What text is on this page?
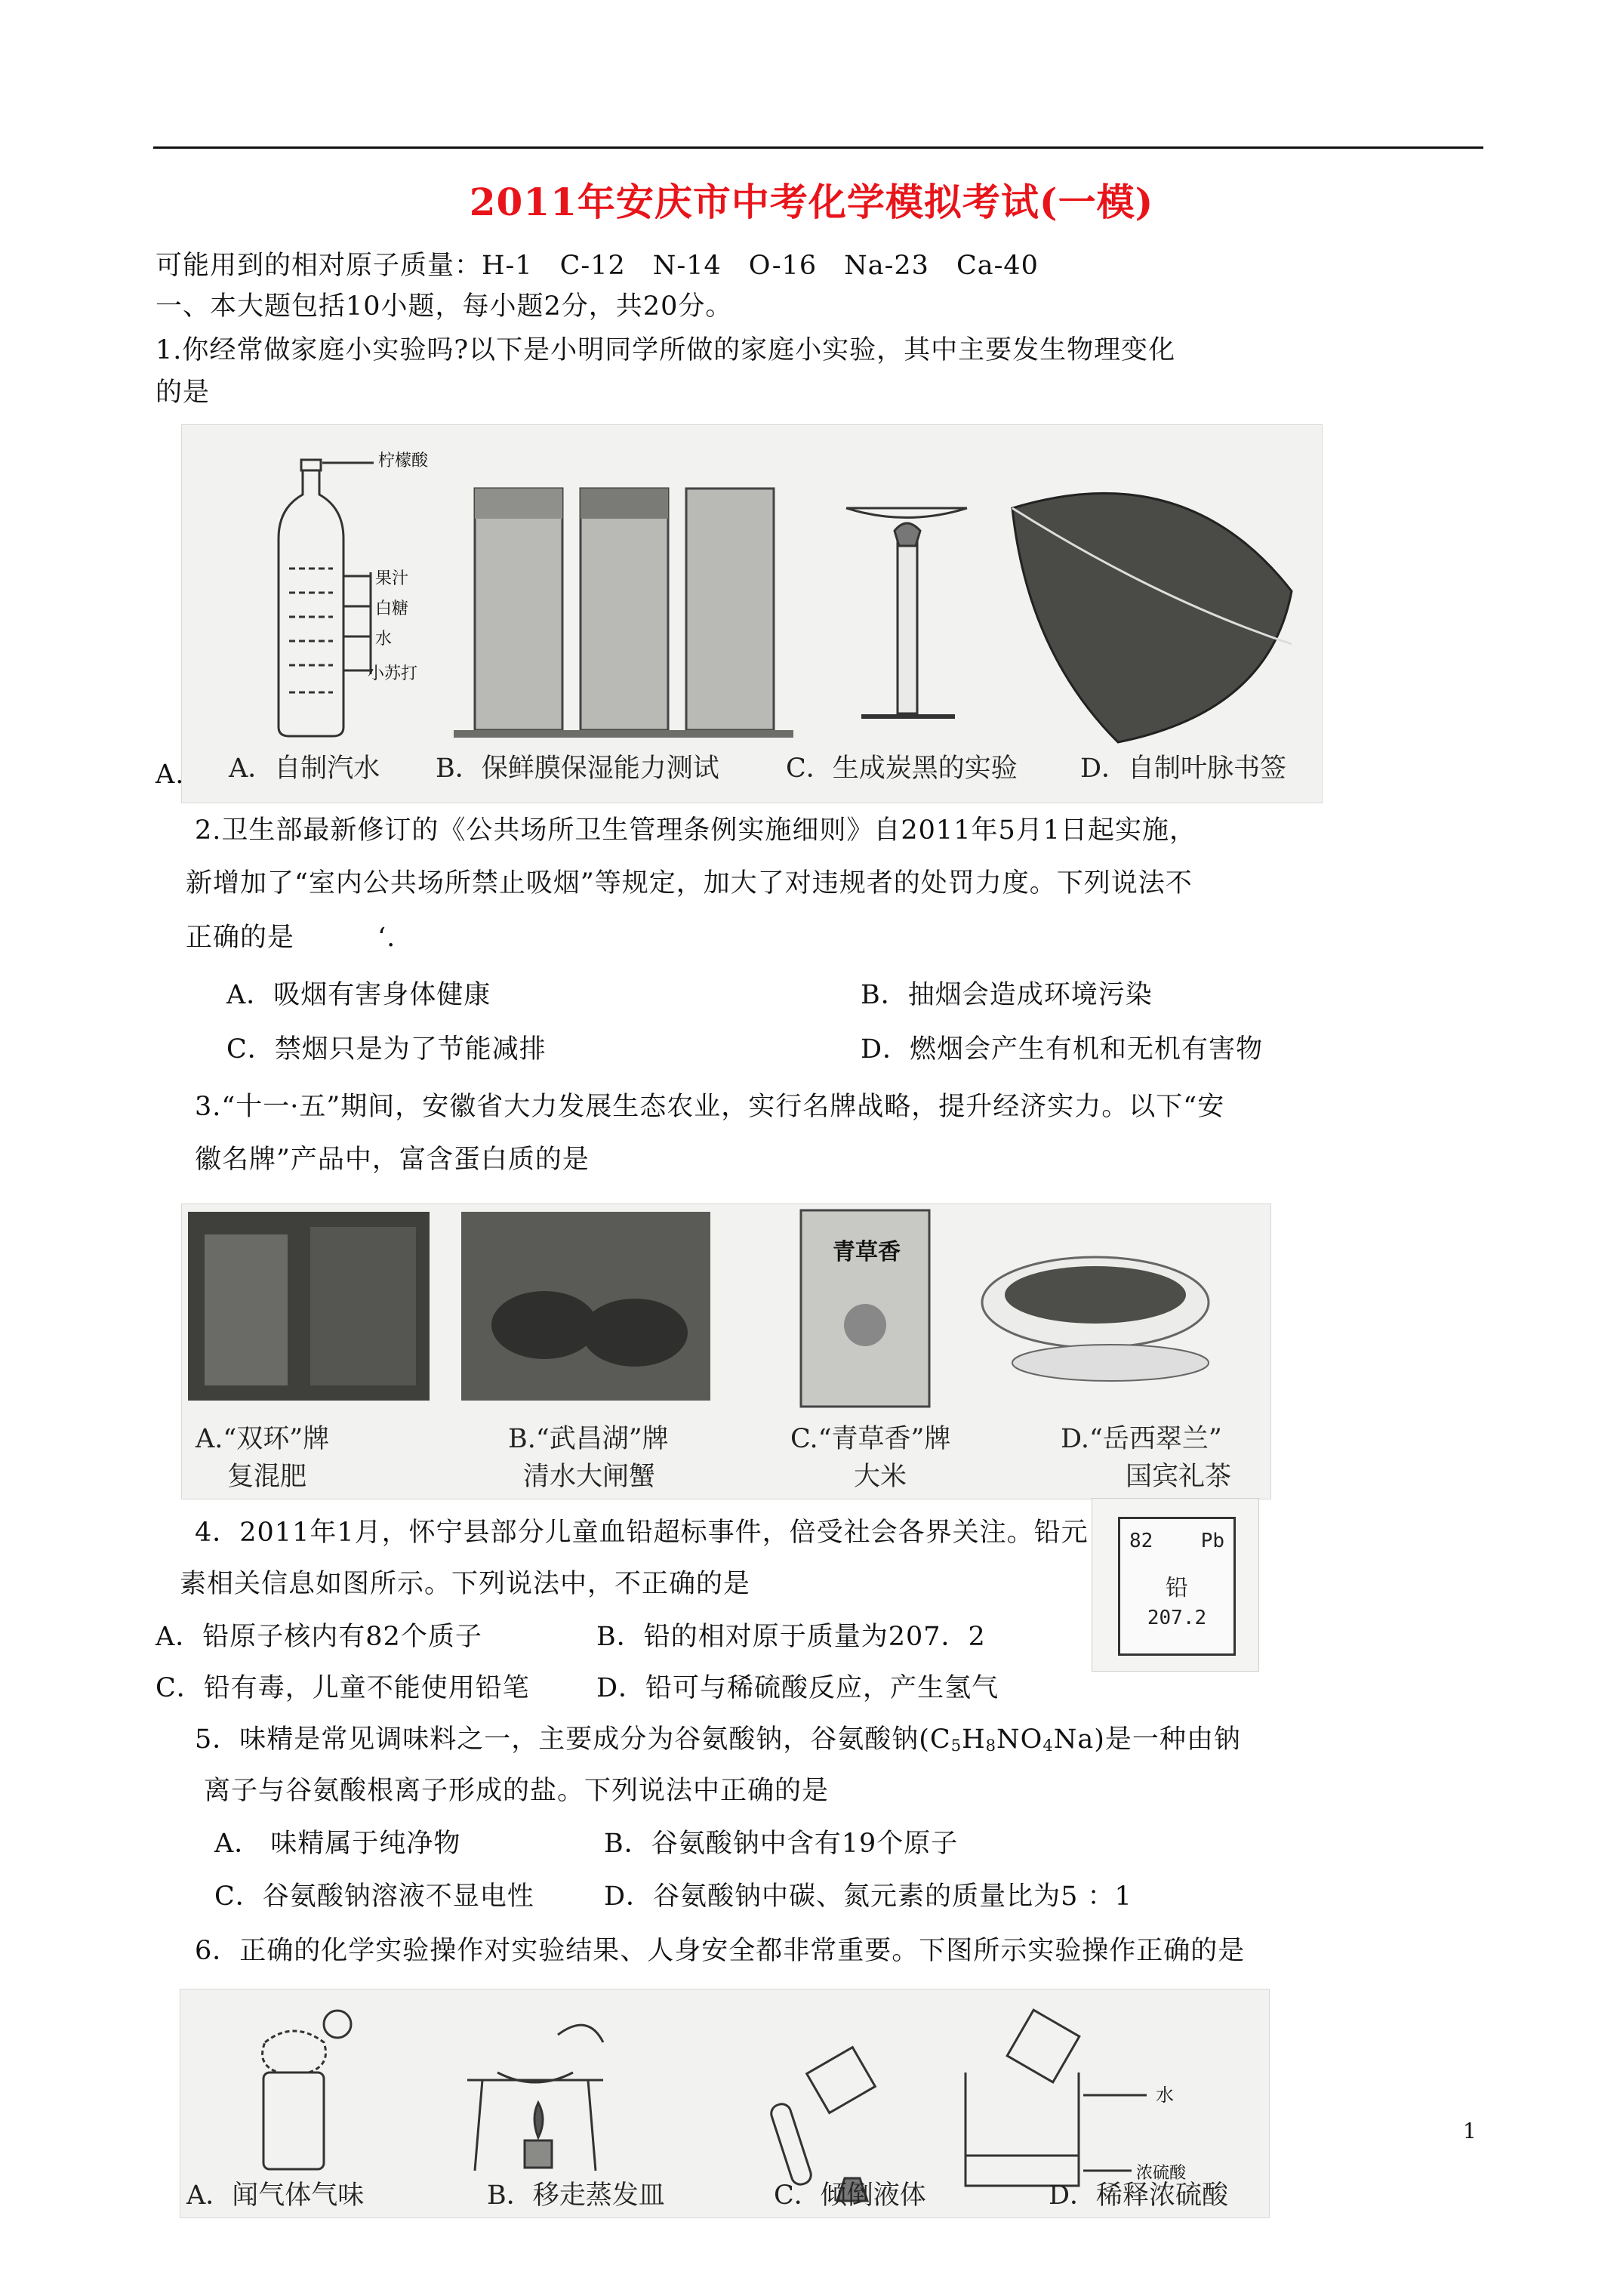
2011年安庆市中考化学模拟考试(一模)
可能用到的相对原子质量：H-1　C-12　N-14　O-16　Na-23　Ca-40
一、本大题包括10小题，每小题2分，共20分。
1.你经常做家庭小实验吗?以下是小明同学所做的家庭小实验，其中主要发生物理变化
的是
柠檬酸
果汁
白糖
水
小苏打
A．自制汽水 B．保鲜膜保湿能力测试	C．生成炭黑的实验 D．自制叶脉书签
A.
2.卫生部最新修订的《公共场所卫生管理条例实施细则》自2011年5月1日起实施，
新增加了“室内公共场所禁止吸烟”等规定，加大了对违规者的处罚力度。下列说法不
正确的是	‘.
A．吸烟有害身体健康	B．抽烟会造成环境污染
C．禁烟只是为了节能减排	D．燃烟会产生有机和无机有害物
3.“十一·五”期间，安徽省大力发展生态农业，实行名牌战略，提升经济实力。以下“安
徽名牌”产品中，富含蛋白质的是
青草香
A.“双环”牌
复混肥
B.“武昌湖”牌
清水大闸蟹
C.“青草香”牌
大米
D.“岳西翠兰”
国宾礼茶
4．2011年1月，怀宁县部分儿童血铅超标事件，倍受社会各界关注。铅元
素相关信息如图所示。下列说法中，不正确的是
A．铅原子核内有82个质子	B．铅的相对原于质量为207．2
C．铅有毒，儿童不能使用铅笔	D．铅可与稀硫酸反应，产生氢气
82 Pb
铅
207.2
5．味精是常见调味料之一，主要成分为谷氨酸钠，谷氨酸钠$(C_5H_8NO_4Na)$是一种由钠
离子与谷氨酸根离子形成的盐。下列说法中正确的是
A． 味精属于纯净物	B．谷氨酸钠中含有19个原子
C．谷氨酸钠溶液不显电性	D．谷氨酸钠中碳、氮元素的质量比为5 ：1
6．正确的化学实验操作对实验结果、人身安全都非常重要。下图所示实验操作正确的是
水
浓硫酸
A．闻气体气味	B．移走蒸发皿	C．倾倒液体	D．稀释浓硫酸
1
